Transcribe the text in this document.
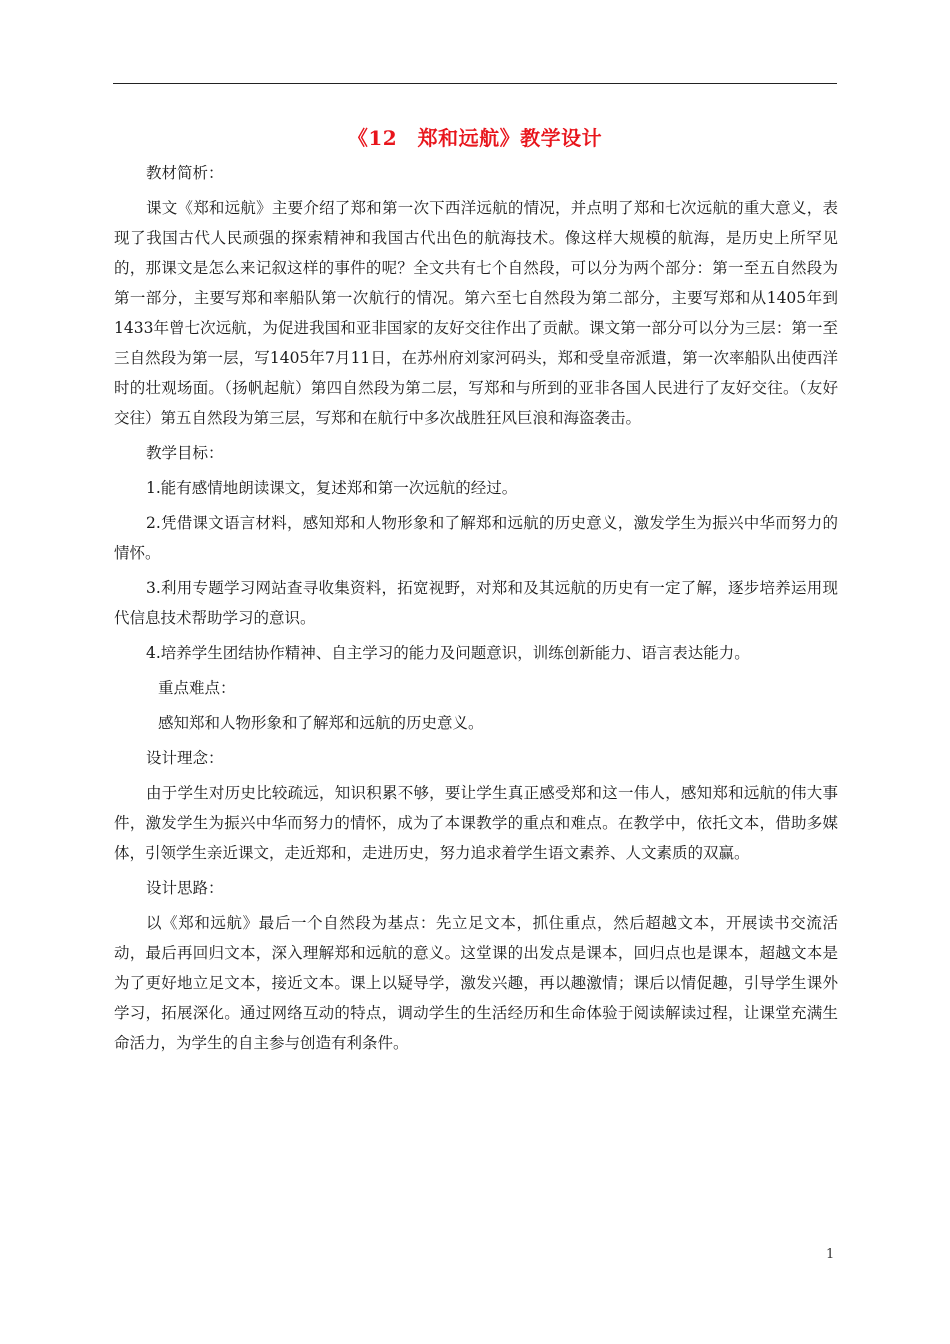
《12　郑和远航》教学设计

教材简析：

课文《郑和远航》主要介绍了郑和第一次下西洋远航的情况，并点明了郑和七次远航的重大意义，表现了我国古代人民顽强的探索精神和我国古代出色的航海技术。像这样大规模的航海，是历史上所罕见的，那课文是怎么来记叙这样的事件的呢？全文共有七个自然段，可以分为两个部分：第一至五自然段为第一部分，主要写郑和率船队第一次航行的情况。第六至七自然段为第二部分，主要写郑和从1405年到1433年曾七次远航，为促进我国和亚非国家的友好交往作出了贡献。课文第一部分可以分为三层：第一至三自然段为第一层，写1405年7月11日，在苏州府刘家河码头，郑和受皇帝派遣，第一次率船队出使西洋时的壮观场面。（扬帆起航）第四自然段为第二层，写郑和与所到的亚非各国人民进行了友好交往。（友好交往）第五自然段为第三层，写郑和在航行中多次战胜狂风巨浪和海盗袭击。

教学目标：

1.能有感情地朗读课文，复述郑和第一次远航的经过。

2.凭借课文语言材料，感知郑和人物形象和了解郑和远航的历史意义，激发学生为振兴中华而努力的情怀。

3.利用专题学习网站查寻收集资料，拓宽视野，对郑和及其远航的历史有一定了解，逐步培养运用现代信息技术帮助学习的意识。

4.培养学生团结协作精神、自主学习的能力及问题意识，训练创新能力、语言表达能力。

重点难点：

感知郑和人物形象和了解郑和远航的历史意义。

设计理念：

由于学生对历史比较疏远，知识积累不够，要让学生真正感受郑和这一伟人，感知郑和远航的伟大事件，激发学生为振兴中华而努力的情怀，成为了本课教学的重点和难点。在教学中，依托文本，借助多媒体，引领学生亲近课文，走近郑和，走进历史，努力追求着学生语文素养、人文素质的双赢。

设计思路：

以《郑和远航》最后一个自然段为基点：先立足文本，抓住重点，然后超越文本，开展读书交流活动，最后再回归文本，深入理解郑和远航的意义。这堂课的出发点是课本，回归点也是课本，超越文本是为了更好地立足文本，接近文本。课上以疑导学，激发兴趣，再以趣激情；课后以情促趣，引导学生课外学习，拓展深化。通过网络互动的特点，调动学生的生活经历和生命体验于阅读解读过程，让课堂充满生命活力，为学生的自主参与创造有利条件。

1
